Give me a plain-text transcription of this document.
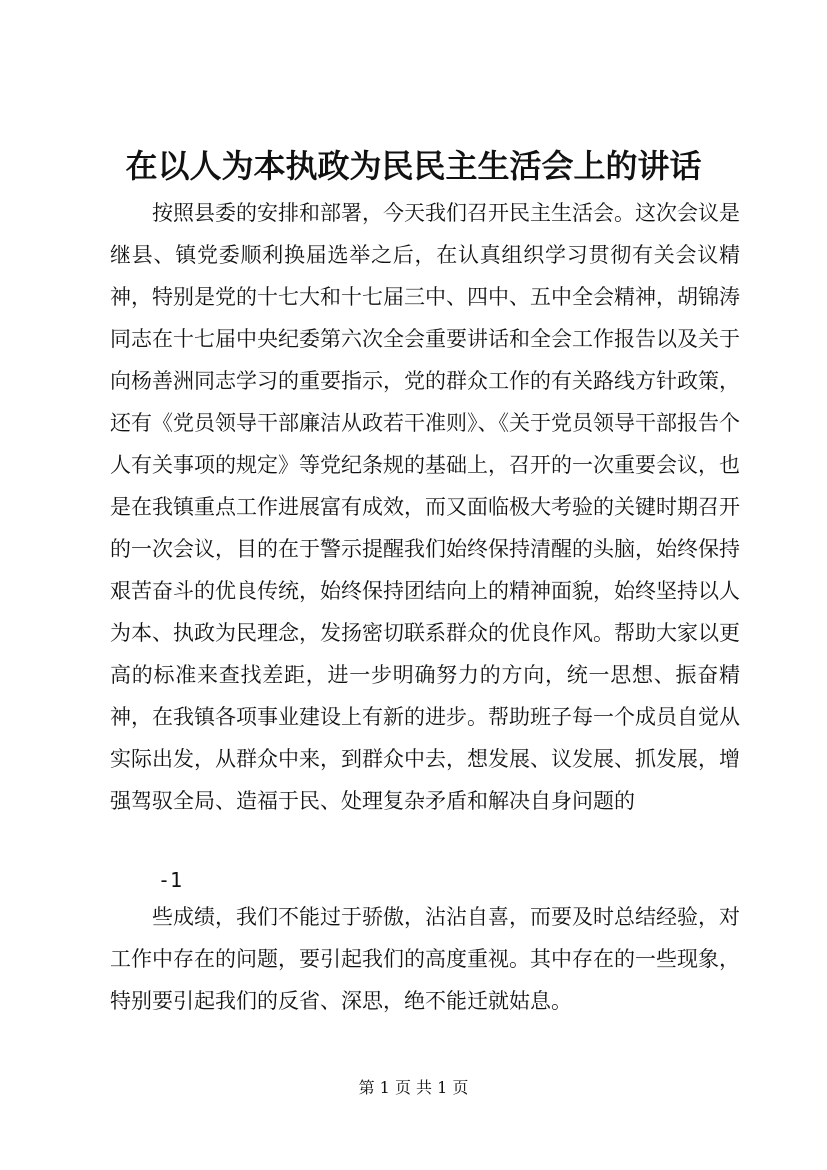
在以人为本执政为民民主生活会上的讲话
按照县委的安排和部署，今天我们召开民主生活会。这次会议是继县、镇党委顺利换届选举之后，在认真组织学习贯彻有关会议精神，特别是党的十七大和十七届三中、四中、五中全会精神，胡锦涛同志在十七届中央纪委第六次全会重要讲话和全会工作报告以及关于向杨善洲同志学习的重要指示，党的群众工作的有关路线方针政策，还有《党员领导干部廉洁从政若干准则》、《关于党员领导干部报告个人有关事项的规定》等党纪条规的基础上，召开的一次重要会议，也是在我镇重点工作进展富有成效，而又面临极大考验的关键时期召开的一次会议，目的在于警示提醒我们始终保持清醒的头脑，始终保持艰苦奋斗的优良传统，始终保持团结向上的精神面貌，始终坚持以人为本、执政为民理念，发扬密切联系群众的优良作风。帮助大家以更高的标准来查找差距，进一步明确努力的方向，统一思想、振奋精神，在我镇各项事业建设上有新的进步。帮助班子每一个成员自觉从实际出发，从群众中来，到群众中去，想发展、议发展、抓发展，增强驾驭全局、造福于民、处理复杂矛盾和解决自身问题的
-1
些成绩，我们不能过于骄傲，沾沾自喜，而要及时总结经验，对工作中存在的问题，要引起我们的高度重视。其中存在的一些现象，特别要引起我们的反省、深思，绝不能迁就姑息。
第 1 页 共 1 页
